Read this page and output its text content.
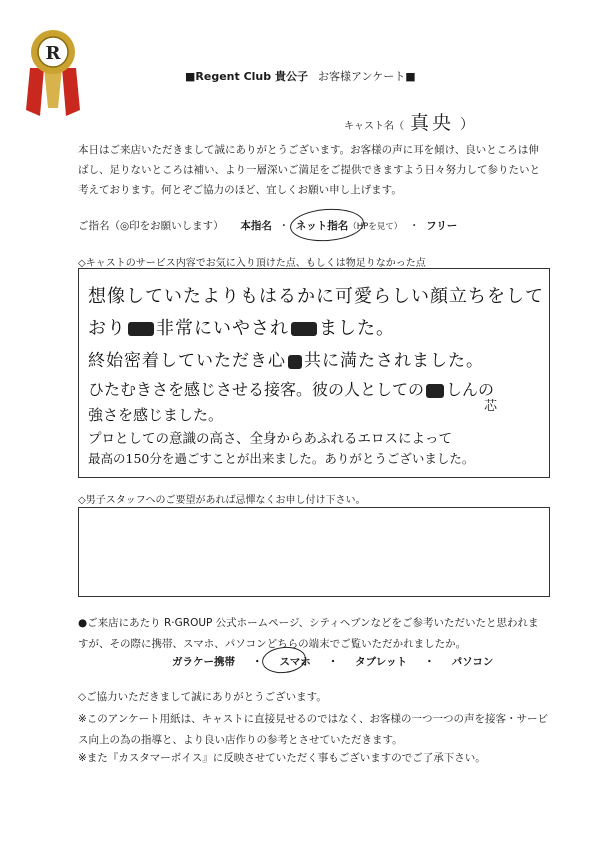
R
■Regent Club 貴公子 お客様アンケート■
キャスト名（ 真央 ）
本日はご来店いただきまして誠にありがとうございます。お客様の声に耳を傾け、良いところは伸ばし、足りないところは補い、より一層深いご満足をご提供できますよう日々努力して参りたいと考えております。何とぞご協力のほど、宜しくお願い申し上げます。
ご指名（◎印をお願いします） 本指名 ・ ネット指名（HPを見て） ・ フリー
◇キャストのサービス内容でお気に入り頂けた点、もしくは物足りなかった点
想像していたよりもはるかに可愛らしい顔立ちをして
おり 非常にいやされ ました。
終始密着していただき心 共に満たされました。
ひたむきさを感じさせる接客。彼の人としての しんの
芯
強さを感じました。
プロとしての意識の高さ、全身からあふれるエロスによって
最高の150分を過ごすことが出来ました。ありがとうございました。
◇男子スタッフへのご要望があれば忌憚なくお申し付け下さい。
●ご来店にあたり R·GROUP 公式ホームページ、シティヘブンなどをご参考いただいたと思われますが、その際に携帯、スマホ、パソコンどちらの端末でご覧いただかれましたか。
ガラケー携帯 ・ スマホ ・ タブレット ・ パソコン
◇ご協力いただきまして誠にありがとうございます。
※このアンケート用紙は、キャストに直接見せるのではなく、お客様の一つ一つの声を接客・サービス向上の為の指導と、より良い店作りの参考とさせていただきます。
※また『カスタマーボイス』に反映させていただく事もございますのでご了承下さい。
